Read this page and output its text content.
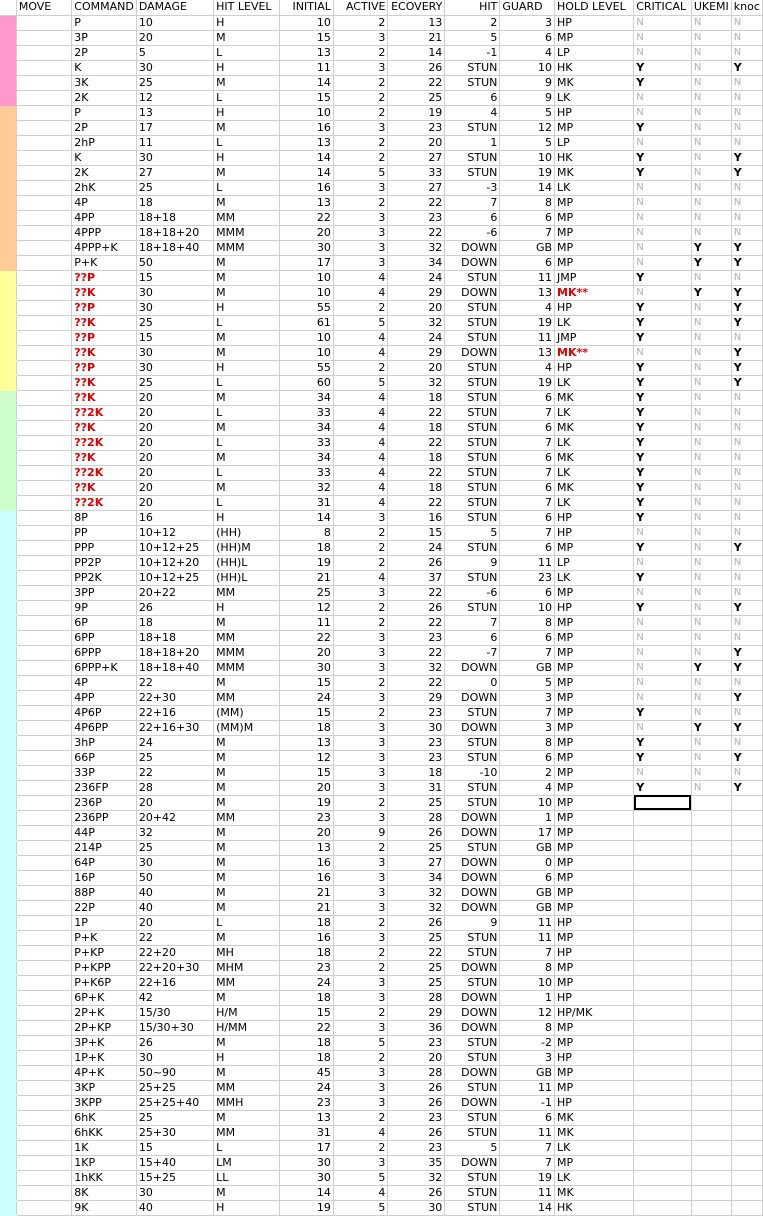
	MOVE	COMMAND	DAMAGE	HIT LEVEL	INITIAL	ACTIVE	ECOVERY	HIT	GUARD	HOLD LEVEL	CRITICAL	UKEMI	knoc
		P	10	H	10	2	13	2	3	HP	N	N	N
		3P	20	M	15	3	21	5	6	MP	N	N	N
		2P	5	L	13	2	14	-1	4	LP	N	N	N
		K	30	H	11	3	26	STUN	10	HK	Y	N	Y
		3K	25	M	14	2	22	STUN	9	MK	Y	N	N
		2K	12	L	15	2	25	6	9	LK	N	N	N
		P	13	H	10	2	19	4	5	HP	N	N	N
		2P	17	M	16	3	23	STUN	12	MP	Y	N	N
		2hP	11	L	13	2	20	1	5	LP	N	N	N
		K	30	H	14	2	27	STUN	10	HK	Y	N	Y
		2K	27	M	14	5	33	STUN	19	MK	Y	N	Y
		2hK	25	L	16	3	27	-3	14	LK	N	N	N
		4P	18	M	13	2	22	7	8	MP	N	N	N
		4PP	18+18	MM	22	3	23	6	6	MP	N	N	N
		4PPP	18+18+20	MMM	20	3	22	-6	7	MP	N	N	N
		4PPP+K	18+18+40	MMM	30	3	32	DOWN	GB	MP	N	Y	Y
		P+K	50	M	17	3	34	DOWN	6	MP	N	Y	Y
		??P	15	M	10	4	24	STUN	11	JMP	Y	N	N
		??K	30	M	10	4	29	DOWN	13	MK**	N	Y	Y
		??P	30	H	55	2	20	STUN	4	HP	Y	N	Y
		??K	25	L	61	5	32	STUN	19	LK	Y	N	Y
		??P	15	M	10	4	24	STUN	11	JMP	Y	N	N
		??K	30	M	10	4	29	DOWN	13	MK**	N	N	Y
		??P	30	H	55	2	20	STUN	4	HP	Y	N	Y
		??K	25	L	60	5	32	STUN	19	LK	Y	N	Y
		??K	20	M	34	4	18	STUN	6	MK	Y	N	N
		??2K	20	L	33	4	22	STUN	7	LK	Y	N	N
		??K	20	M	34	4	18	STUN	6	MK	Y	N	N
		??2K	20	L	33	4	22	STUN	7	LK	Y	N	N
		??K	20	M	34	4	18	STUN	6	MK	Y	N	N
		??2K	20	L	33	4	22	STUN	7	LK	Y	N	N
		??K	20	M	32	4	18	STUN	6	MK	Y	N	N
		??2K	20	L	31	4	22	STUN	7	LK	Y	N	N
		8P	16	H	14	3	16	STUN	6	HP	Y	N	N
		PP	10+12	(HH)	8	2	15	5	7	HP	N	N	N
		PPP	10+12+25	(HH)M	18	2	24	STUN	6	MP	Y	N	Y
		PP2P	10+12+20	(HH)L	19	2	26	9	11	LP	N	N	N
		PP2K	10+12+25	(HH)L	21	4	37	STUN	23	LK	Y	N	N
		3PP	20+22	MM	25	3	22	-6	6	MP	N	N	N
		9P	26	H	12	2	26	STUN	10	HP	Y	N	Y
		6P	18	M	11	2	22	7	8	MP	N	N	N
		6PP	18+18	MM	22	3	23	6	6	MP	N	N	N
		6PPP	18+18+20	MMM	20	3	22	-7	7	MP	N	N	Y
		6PPP+K	18+18+40	MMM	30	3	32	DOWN	GB	MP	N	Y	Y
		4P	22	M	15	2	22	0	5	MP	N	N	N
		4PP	22+30	MM	24	3	29	DOWN	3	MP	N	N	Y
		4P6P	22+16	(MM)	15	2	23	STUN	7	MP	Y	N	N
		4P6PP	22+16+30	(MM)M	18	3	30	DOWN	3	MP	N	Y	Y
		3hP	24	M	13	3	23	STUN	8	MP	Y	N	N
		66P	25	M	12	3	23	STUN	6	MP	Y	N	Y
		33P	22	M	15	3	18	-10	2	MP	N	N	N
		236FP	28	M	20	3	31	STUN	4	MP	Y	N	Y
		236P	20	M	19	2	25	STUN	10	MP			
		236PP	20+42	MM	23	3	28	DOWN	1	MP			
		44P	32	M	20	9	26	DOWN	17	MP			
		214P	25	M	13	2	25	STUN	GB	MP			
		64P	30	M	16	3	27	DOWN	0	MP			
		16P	50	M	16	3	34	DOWN	6	MP			
		88P	40	M	21	3	32	DOWN	GB	MP			
		22P	40	M	21	3	32	DOWN	GB	MP			
		1P	20	L	18	2	26	9	11	HP			
		P+K	22	M	16	3	25	STUN	11	MP			
		P+KP	22+20	MH	18	2	22	STUN	7	HP			
		P+KPP	22+20+30	MHM	23	2	25	DOWN	8	MP			
		P+K6P	22+16	MM	24	3	25	STUN	10	MP			
		6P+K	42	M	18	3	28	DOWN	1	HP			
		2P+K	15/30	H/M	15	2	29	DOWN	12	HP/MK			
		2P+KP	15/30+30	H/MM	22	3	36	DOWN	8	MP			
		3P+K	26	M	18	5	23	STUN	-2	MP			
		1P+K	30	H	18	2	20	STUN	3	HP			
		4P+K	50~90	M	45	3	28	DOWN	GB	MP			
		3KP	25+25	MM	24	3	26	STUN	11	MP			
		3KPP	25+25+40	MMH	23	3	26	DOWN	-1	HP			
		6hK	25	M	13	2	23	STUN	6	MK			
		6hKK	25+30	MM	31	4	26	STUN	11	MK			
		1K	15	L	17	2	23	5	7	LK			
		1KP	15+40	LM	30	3	35	DOWN	7	MP			
		1hKK	15+25	LL	30	5	32	STUN	19	LK			
		8K	30	M	14	4	26	STUN	11	MK			
		9K	40	H	19	5	30	STUN	14	HK			
